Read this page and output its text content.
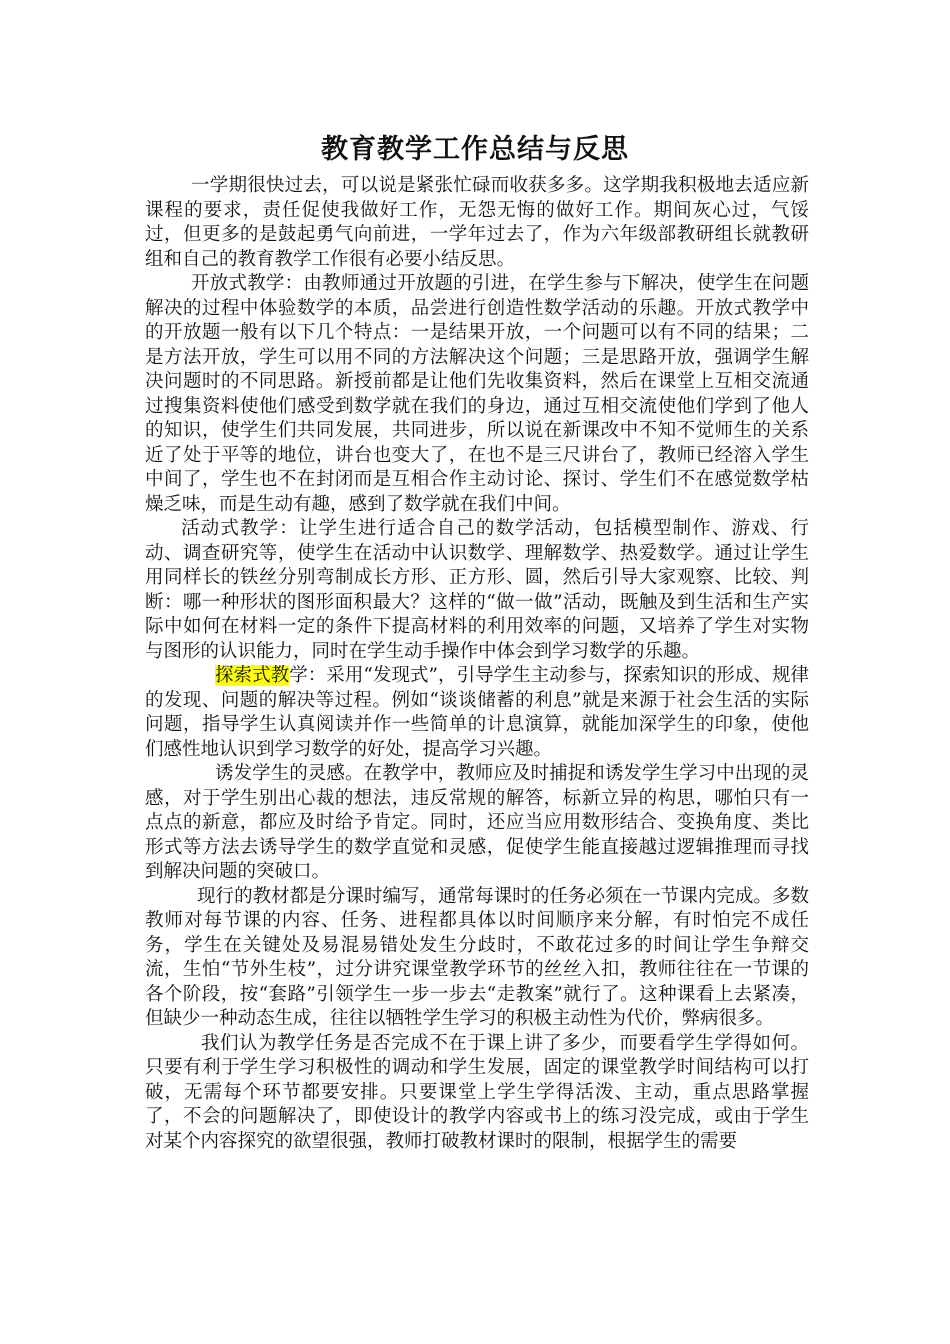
教育教学工作总结与反思

一学期很快过去，可以说是紧张忙碌而收获多多。这学期我积极地去适应新课程的要求，责任促使我做好工作，无怨无悔的做好工作。期间灰心过，气馁过，但更多的是鼓起勇气向前进，一学年过去了，作为六年级部教研组长就教研组和自己的教育教学工作很有必要小结反思。

开放式教学：由教师通过开放题的引进，在学生参与下解决，使学生在问题解决的过程中体验数学的本质，品尝进行创造性数学活动的乐趣。开放式教学中的开放题一般有以下几个特点：一是结果开放，一个问题可以有不同的结果；二是方法开放，学生可以用不同的方法解决这个问题；三是思路开放，强调学生解决问题时的不同思路。新授前都是让他们先收集资料，然后在课堂上互相交流通过搜集资料使他们感受到数学就在我们的身边，通过互相交流使他们学到了他人的知识，使学生们共同发展，共同进步，所以说在新课改中不知不觉师生的关系近了处于平等的地位，讲台也变大了，在也不是三尺讲台了，教师已经溶入学生中间了，学生也不在封闭而是互相合作主动讨论、探讨、学生们不在感觉数学枯燥乏味，而是生动有趣，感到了数学就在我们中间。

活动式教学：让学生进行适合自己的数学活动，包括模型制作、游戏、行动、调查研究等，使学生在活动中认识数学、理解数学、热爱数学。通过让学生用同样长的铁丝分别弯制成长方形、正方形、圆，然后引导大家观察、比较、判断：哪一种形状的图形面积最大？这样的“做一做”活动，既触及到生活和生产实际中如何在材料一定的条件下提高材料的利用效率的问题，又培养了学生对实物与图形的认识能力，同时在学生动手操作中体会到学习数学的乐趣。

探索式教学：采用“发现式”，引导学生主动参与，探索知识的形成、规律的发现、问题的解决等过程。例如“谈谈储蓄的利息”就是来源于社会生活的实际问题，指导学生认真阅读并作一些简单的计息演算，就能加深学生的印象，使他们感性地认识到学习数学的好处，提高学习兴趣。

诱发学生的灵感。在教学中，教师应及时捕捉和诱发学生学习中出现的灵感，对于学生别出心裁的想法，违反常规的解答，标新立异的构思，哪怕只有一点点的新意，都应及时给予肯定。同时，还应当应用数形结合、变换角度、类比形式等方法去诱导学生的数学直觉和灵感，促使学生能直接越过逻辑推理而寻找到解决问题的突破口。

现行的教材都是分课时编写，通常每课时的任务必须在一节课内完成。多数教师对每节课的内容、任务、进程都具体以时间顺序来分解，有时怕完不成任务，学生在关键处及易混易错处发生分歧时，不敢花过多的时间让学生争辩交流，生怕“节外生枝”，过分讲究课堂教学环节的丝丝入扣，教师往往在一节课的各个阶段，按“套路”引领学生一步一步去“走教案”就行了。这种课看上去紧凑，但缺少一种动态生成，往往以牺牲学生学习的积极主动性为代价，弊病很多。

我们认为教学任务是否完成不在于课上讲了多少，而要看学生学得如何。只要有利于学生学习积极性的调动和学生发展，固定的课堂教学时间结构可以打破，无需每个环节都要安排。只要课堂上学生学得活泼、主动，重点思路掌握了，不会的问题解决了，即使设计的教学内容或书上的练习没完成，或由于学生对某个内容探究的欲望很强，教师打破教材课时的限制，根据学生的需要
